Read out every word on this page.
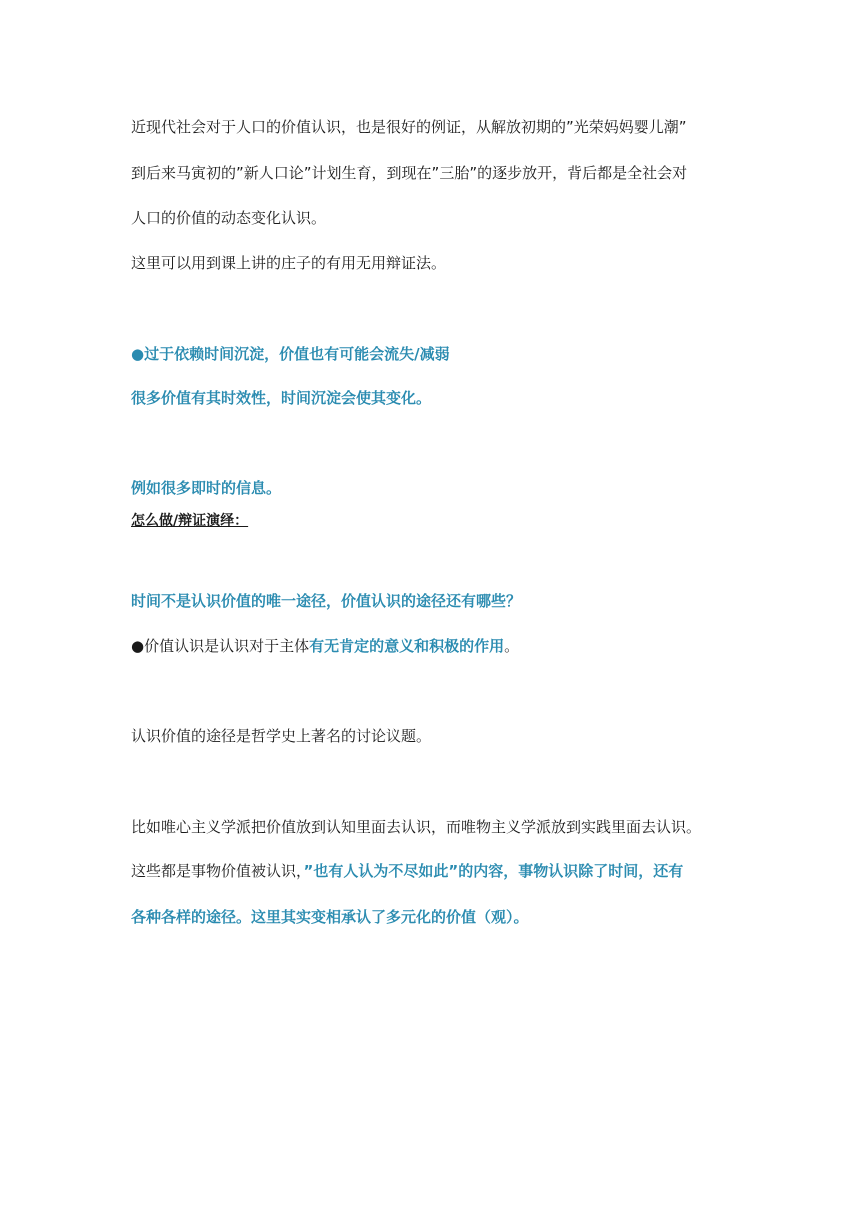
近现代社会对于人口的价值认识，也是很好的例证，从解放初期的”光荣妈妈婴儿潮”

到后来马寅初的”新人口论”计划生育，到现在”三胎”的逐步放开，背后都是全社会对

人口的价值的动态变化认识。

这里可以用到课上讲的庄子的有用无用辩证法。

●过于依赖时间沉淀，价值也有可能会流失/减弱

很多价值有其时效性，时间沉淀会使其变化。

例如很多即时的信息。

怎么做/辩证演绎：

时间不是认识价值的唯一途径，价值认识的途径还有哪些？

●价值认识是认识对于主体有无肯定的意义和积极的作用。

认识价值的途径是哲学史上著名的讨论议题。

比如唯心主义学派把价值放到认知里面去认识，而唯物主义学派放到实践里面去认识。

这些都是事物价值被认识，”也有人认为不尽如此”的内容，事物认识除了时间，还有

各种各样的途径。这里其实变相承认了多元化的价值（观）。
